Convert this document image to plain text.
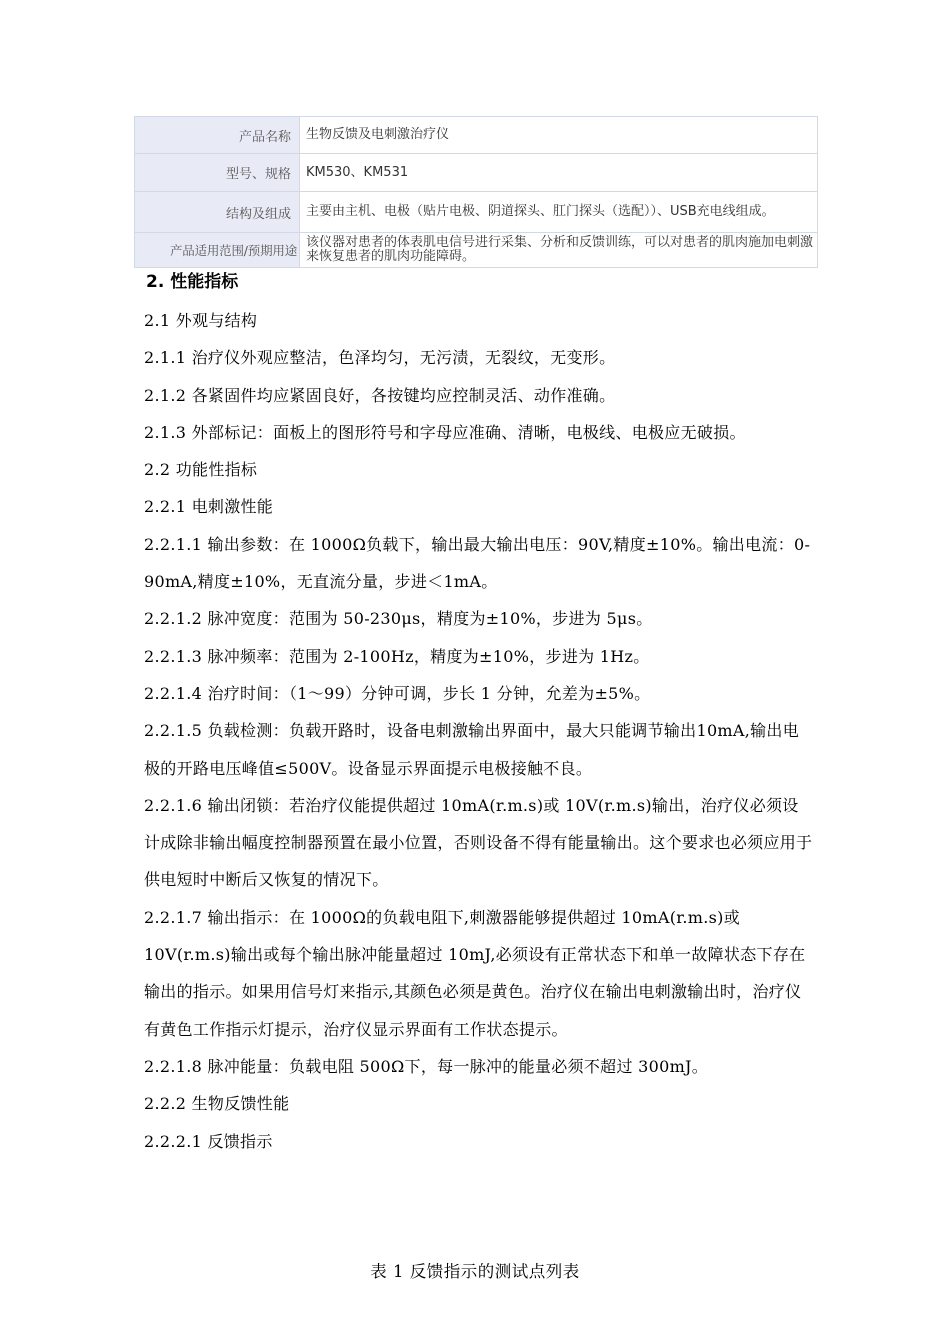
产品名称	生物反馈及电刺激治疗仪
型号、规格	KM530、KM531
结构及组成	主要由主机、电极（贴片电极、阴道探头、肛门探头（选配））、USB充电线组成。
产品适用范围/预期用途	该仪器对患者的体表肌电信号进行采集、分析和反馈训练，可以对患者的肌肉施加电刺激来恢复患者的肌肉功能障碍。
2. 性能指标

2.1 外观与结构

2.1.1 治疗仪外观应整洁，色泽均匀，无污渍，无裂纹，无变形。

2.1.2 各紧固件均应紧固良好，各按键均应控制灵活、动作准确。

2.1.3 外部标记：面板上的图形符号和字母应准确、清晰，电极线、电极应无破损。

2.2 功能性指标

2.2.1 电刺激性能

2.2.1.1 输出参数：在 1000Ω负载下，输出最大输出电压：90V,精度±10%。输出电流：0-90mA,精度±10%，无直流分量，步进＜1mA。

2.2.1.2 脉冲宽度：范围为 50-230μs，精度为±10%，步进为 5μs。

2.2.1.3 脉冲频率：范围为 2-100Hz，精度为±10%，步进为 1Hz。

2.2.1.4 治疗时间：（1～99）分钟可调，步长 1 分钟，允差为±5%。

2.2.1.5 负载检测：负载开路时，设备电刺激输出界面中，最大只能调节输出10mA,输出电极的开路电压峰值≤500V。设备显示界面提示电极接触不良。

2.2.1.6 输出闭锁：若治疗仪能提供超过 10mA(r.m.s)或 10V(r.m.s)输出，治疗仪必须设计成除非输出幅度控制器预置在最小位置，否则设备不得有能量输出。这个要求也必须应用于供电短时中断后又恢复的情况下。

2.2.1.7 输出指示：在 1000Ω的负载电阻下,刺激器能够提供超过 10mA(r.m.s)或 10V(r.m.s)输出或每个输出脉冲能量超过 10mJ,必须设有正常状态下和单一故障状态下存在输出的指示。如果用信号灯来指示,其颜色必须是黄色。治疗仪在输出电刺激输出时，治疗仪有黄色工作指示灯提示，治疗仪显示界面有工作状态提示。

2.2.1.8 脉冲能量：负载电阻 500Ω下，每一脉冲的能量必须不超过 300mJ。

2.2.2 生物反馈性能

2.2.2.1 反馈指示

表 1 反馈指示的测试点列表
